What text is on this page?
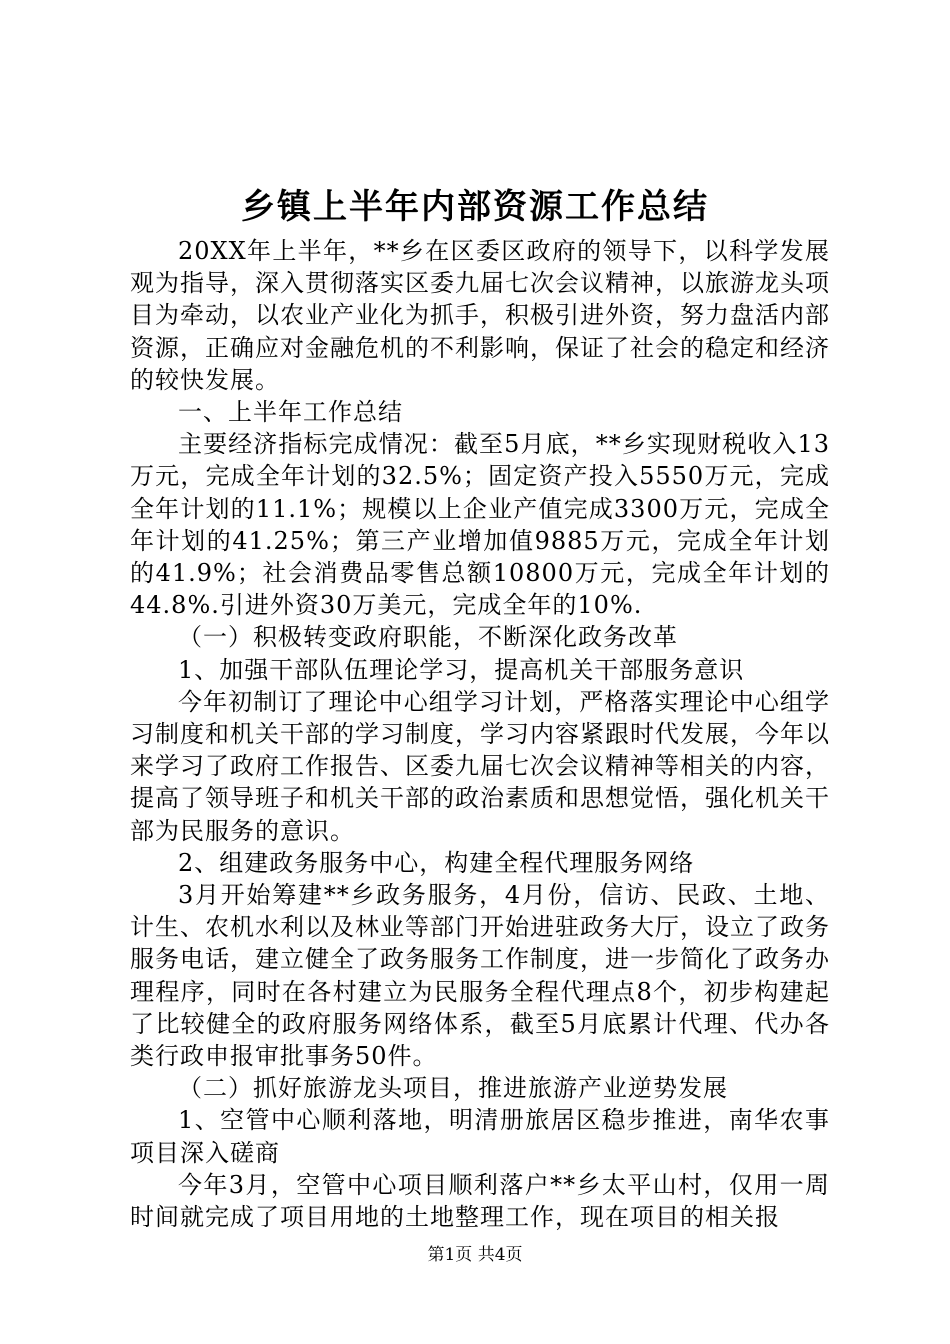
乡镇上半年内部资源工作总结

20XX年上半年，**乡在区委区政府的领导下，以科学发展观为指导，深入贯彻落实区委九届七次会议精神，以旅游龙头项目为牵动，以农业产业化为抓手，积极引进外资，努力盘活内部资源，正确应对金融危机的不利影响，保证了社会的稳定和经济的较快发展。

一、上半年工作总结

主要经济指标完成情况：截至5月底，**乡实现财税收入13万元，完成全年计划的32.5%；固定资产投入5550万元，完成全年计划的11.1%；规模以上企业产值完成3300万元，完成全年计划的41.25%；第三产业增加值9885万元，完成全年计划的41.9%；社会消费品零售总额10800万元，完成全年计划的44.8%.引进外资30万美元，完成全年的10%.

（一）积极转变政府职能，不断深化政务改革

1、加强干部队伍理论学习，提高机关干部服务意识

今年初制订了理论中心组学习计划，严格落实理论中心组学习制度和机关干部的学习制度，学习内容紧跟时代发展，今年以来学习了政府工作报告、区委九届七次会议精神等相关的内容，提高了领导班子和机关干部的政治素质和思想觉悟，强化机关干部为民服务的意识。

2、组建政务服务中心，构建全程代理服务网络

3月开始筹建**乡政务服务，4月份，信访、民政、土地、计生、农机水利以及林业等部门开始进驻政务大厅，设立了政务服务电话，建立健全了政务服务工作制度，进一步简化了政务办理程序，同时在各村建立为民服务全程代理点8个，初步构建起了比较健全的政府服务网络体系，截至5月底累计代理、代办各类行政申报审批事务50件。

（二）抓好旅游龙头项目，推进旅游产业逆势发展

1、空管中心顺利落地，明清册旅居区稳步推进，南华农事项目深入磋商

今年3月，空管中心项目顺利落户**乡太平山村，仅用一周时间就完成了项目用地的土地整理工作，现在项目的相关报

第1页 共4页
